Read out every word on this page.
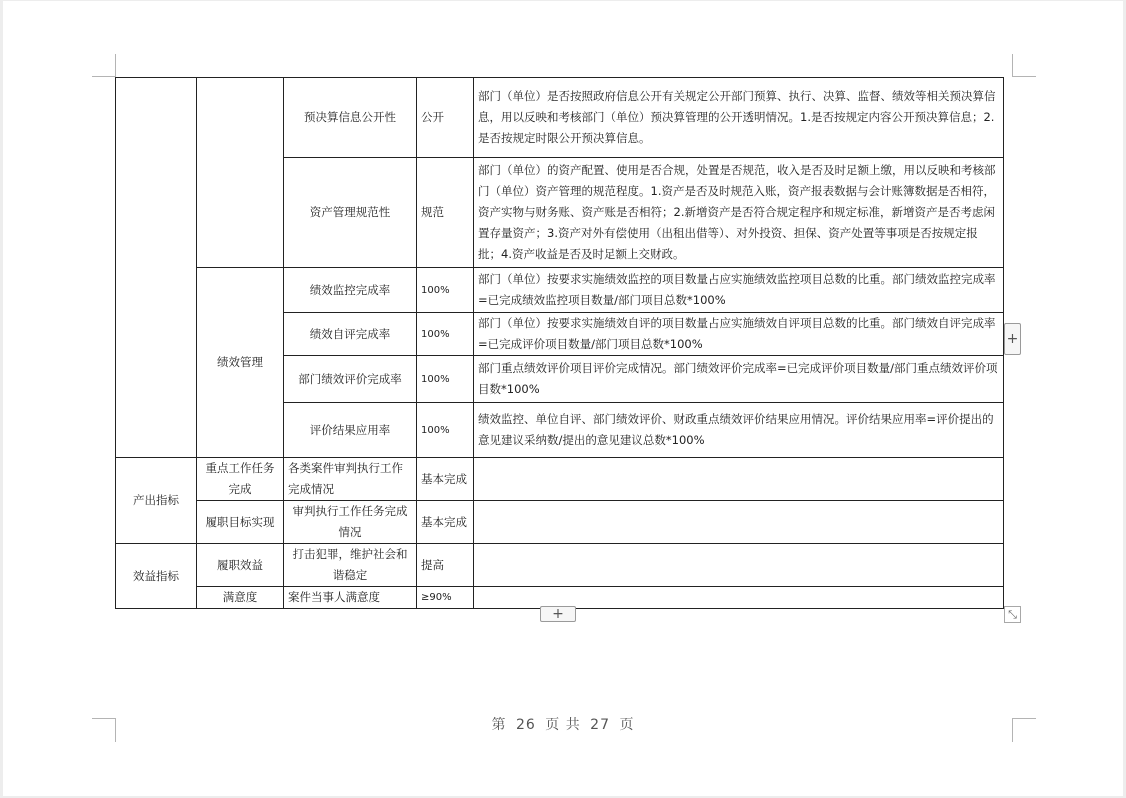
		预决算信息公开性	公开	部门（单位）是否按照政府信息公开有关规定公开部门预算、执行、决算、监督、绩效等相关预决算信息，用以反映和考核部门（单位）预决算管理的公开透明情况。1.是否按规定内容公开预决算信息；2.是否按规定时限公开预决算信息。
		资产管理规范性	规范	部门（单位）的资产配置、使用是否合规，处置是否规范，收入是否及时足额上缴，用以反映和考核部门（单位）资产管理的规范程度。1.资产是否及时规范入账，资产报表数据与会计账簿数据是否相符，资产实物与财务账、资产账是否相符；2.新增资产是否符合规定程序和规定标准，新增资产是否考虑闲置存量资产；3.资产对外有偿使用（出租出借等）、对外投资、担保、资产处置等事项是否按规定报批；4.资产收益是否及时足额上交财政。
	绩效管理	绩效监控完成率	100%	部门（单位）按要求实施绩效监控的项目数量占应实施绩效监控项目总数的比重。部门绩效监控完成率=已完成绩效监控项目数量/部门项目总数*100%
		绩效自评完成率	100%	部门（单位）按要求实施绩效自评的项目数量占应实施绩效自评项目总数的比重。部门绩效自评完成率=已完成评价项目数量/部门项目总数*100%
		部门绩效评价完成率	100%	部门重点绩效评价项目评价完成情况。部门绩效评价完成率=已完成评价项目数量/部门重点绩效评价项目数*100%
		评价结果应用率	100%	绩效监控、单位自评、部门绩效评价、财政重点绩效评价结果应用情况。评价结果应用率=评价提出的意见建议采纳数/提出的意见建议总数*100%
产出指标	重点工作任务完成	各类案件审判执行工作完成情况	基本完成	
	履职目标实现	审判执行工作任务完成情况	基本完成	
效益指标	履职效益	打击犯罪，维护社会和谐稳定	提高	
	满意度	案件当事人满意度	≥90%	
+
+	⤡
第 26 页 共 27 页
